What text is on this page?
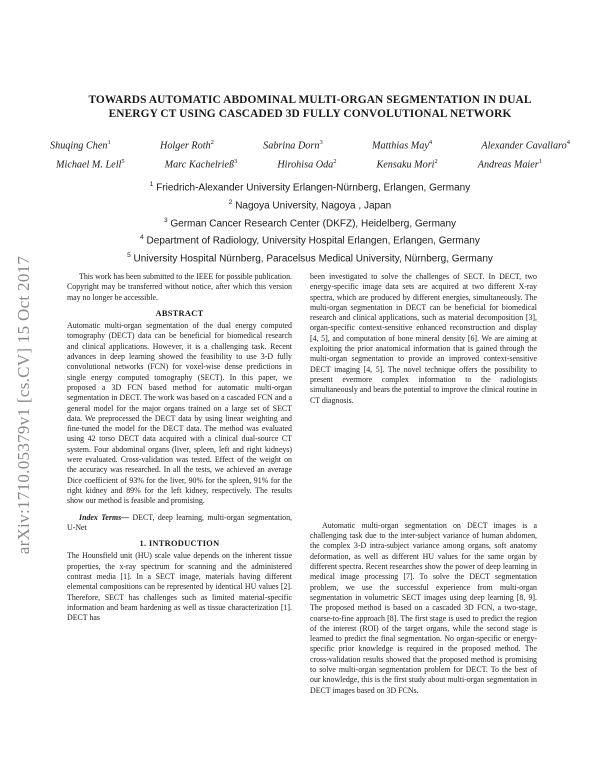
arXiv:1710.05379v1 [cs.CV] 15 Oct 2017
TOWARDS AUTOMATIC ABDOMINAL MULTI-ORGAN SEGMENTATION IN DUAL
ENERGY CT USING CASCADED 3D FULLY CONVOLUTIONAL NETWORK
Shuqing Chen$^1$	Holger Roth$^2$	Sabrina Dorn$^3$	Matthias May$^4$	Alexander Cavallaro$^4$
Michael M. Lell$^5$	Marc Kachelrieß$^3$	Hirohisa Oda$^2$	Kensaku Mori$^2$	Andreas Maier$^1$
$^1$ Friedrich-Alexander University Erlangen-Nürnberg, Erlangen, Germany
$^2$ Nagoya University, Nagoya , Japan
$^3$ German Cancer Research Center (DKFZ), Heidelberg, Germany
$^4$ Department of Radiology, University Hospital Erlangen, Erlangen, Germany
$^5$ University Hospital Nürnberg, Paracelsus Medical University, Nürnberg, Germany

This work has been submitted to the IEEE for possible publication. Copyright may be transferred without notice, after which this version may no longer be accessible.

ABSTRACT

Automatic multi-organ segmentation of the dual energy computed tomography (DECT) data can be beneficial for biomedical research and clinical applications. However, it is a challenging task. Recent advances in deep learning showed the feasibility to use 3-D fully convolutional networks (FCN) for voxel-wise dense predictions in single energy computed tomography (SECT). In this paper, we proposed a 3D FCN based method for automatic multi-organ segmentation in DECT. The work was based on a cascaded FCN and a general model for the major organs trained on a large set of SECT data. We preprocessed the DECT data by using linear weighting and fine-tuned the model for the DECT data. The method was evaluated using 42 torso DECT data acquired with a clinical dual-source CT system. Four abdominal organs (liver, spleen, left and right kidneys) were evaluated. Cross-validation was tested. Effect of the weight on the accuracy was researched. In all the tests, we achieved an average Dice coefficient of 93% for the liver, 90% for the spleen, 91% for the right kidney and 89% for the left kidney, respectively. The results show our method is feasible and promising.

Index Terms— DECT, deep learning, multi-organ segmentation, U-Net

1. INTRODUCTION

The Hounsfield unit (HU) scale value depends on the inherent tissue properties, the x-ray spectrum for scanning and the administered contrast media [1]. In a SECT image, materials having different elemental compositions can be represented by identical HU values [2]. Therefore, SECT has challenges such as limited material-specific information and beam hardening as well as tissue characterization [1]. DECT has

been investigated to solve the challenges of SECT. In DECT, two energy-specific image data sets are acquired at two different X-ray spectra, which are produced by different energies, simultaneously. The multi-organ segmentation in DECT can be beneficial for biomedical research and clinical applications, such as material decomposition [3], organ-specific context-sensitive enhanced reconstruction and display [4, 5], and computation of bone mineral density [6]. We are aiming at exploiting the prior anatomical information that is gained through the multi-organ segmentation to provide an improved context-sensitive DECT imaging [4, 5]. The novel technique offers the possibility to present evermore complex information to the radiologists simultaneously and bears the potential to improve the clinical routine in CT diagnosis.

Automatic multi-organ segmentation on DECT images is a challenging task due to the inter-subject variance of human abdomen, the complex 3-D intra-subject variance among organs, soft anatomy deformation, as well as different HU values for the same organ by different spectra. Recent researches show the power of deep learning in medical image processing [7]. To solve the DECT segmentation problem, we use the successful experience from multi-organ segmentation in volumetric SECT images using deep learning [8, 9]. The proposed method is based on a cascaded 3D FCN, a two-stage, coarse-to-fine approach [8]. The first stage is used to predict the region of the interest (ROI) of the target organs, while the second stage is learned to predict the final segmentation. No organ-specific or energy-specific prior knowledge is required in the proposed method. The cross-validation results showed that the proposed method is promising to solve multi-organ segmentation problem for DECT. To the best of our knowledge, this is the first study about multi-organ segmentation in DECT images based on 3D FCNs.
